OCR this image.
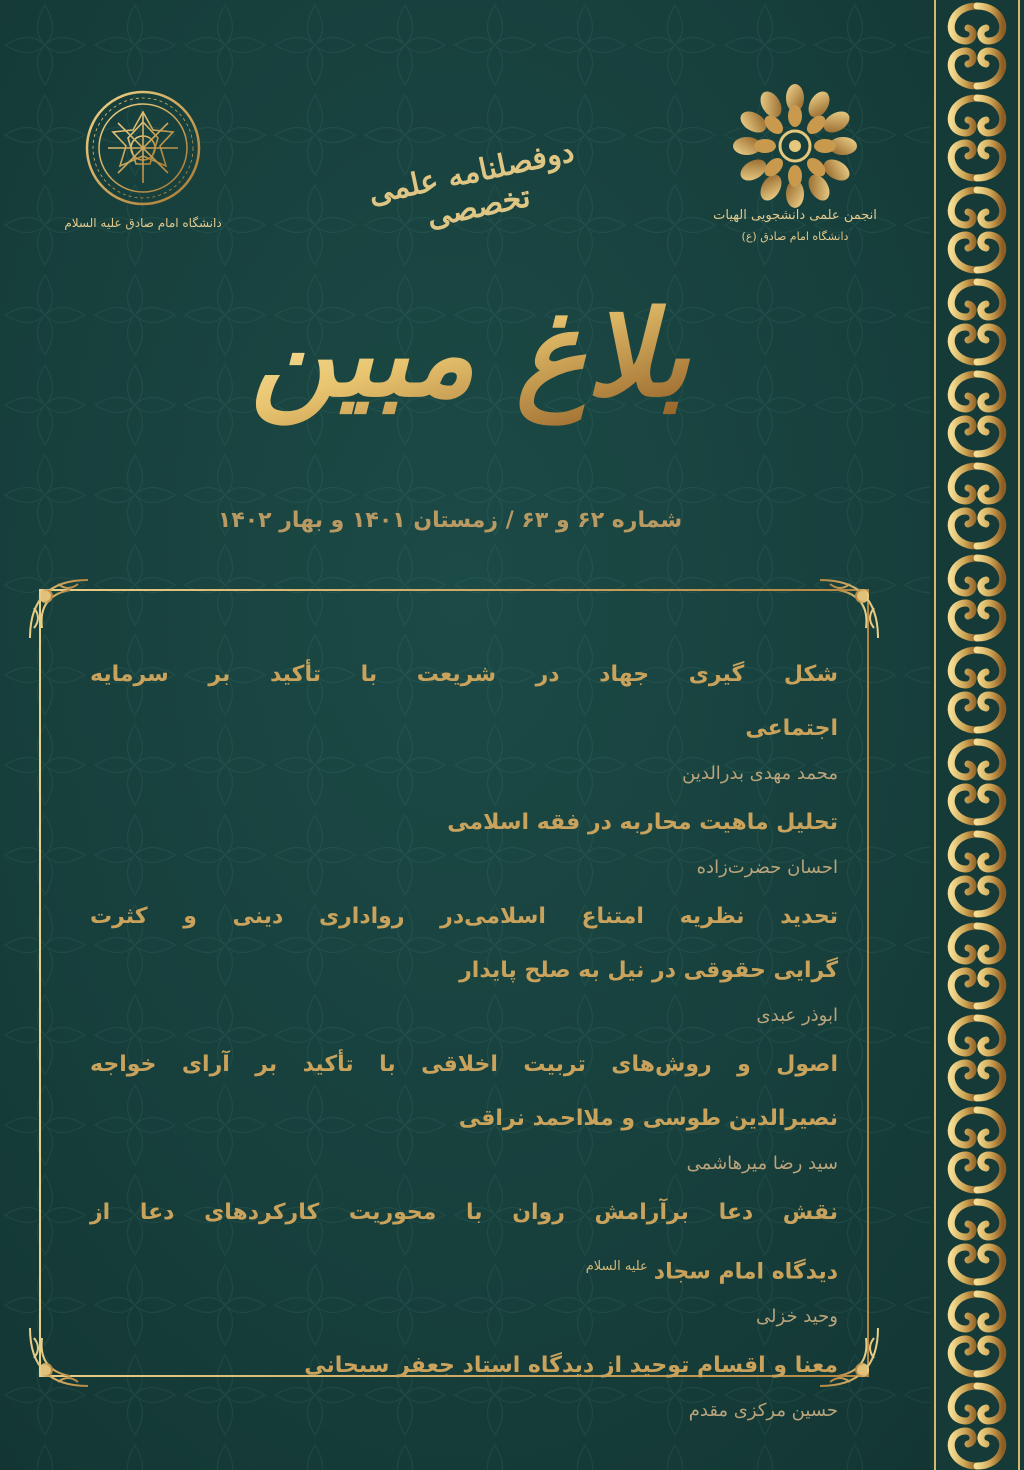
دانشگاه امام صادق علیه السلام	انجمن علمی دانشجویی الهیات
دانشگاه امام صادق (ع)
دوفصلنامه علمی تخصصی
بلاغ مبین
شماره ۶۲ و ۶۳ / زمستان ۱۴۰۱ و بهار ۱۴۰۲

شکل گیری جهاد در شریعت با تأکید بر سرمایه

اجتماعی

محمد مهدی بدرالدین

تحلیل ماهیت محاربه در فقه اسلامی

احسان حضرت‌زاده

تحدید نظریه امتناع اسلامی‌در رواداری دینی و کثرت

گرایی حقوقی در نیل به صلح پایدار

ابوذر عبدی

اصول و روش‌های تربیت اخلاقی با تأکید بر آرای خواجه

نصیرالدین طوسی و ملااحمد نراقی

سید رضا میرهاشمی

نقش دعا برآرامش روان با محوریت کارکردهای دعا از

دیدگاه امام سجاد$^{علیه السلام}$

وحید خزلی

معنا و اقسام توحید از دیدگاه استاد جعفر سبحانی

حسین مرکزی مقدم
